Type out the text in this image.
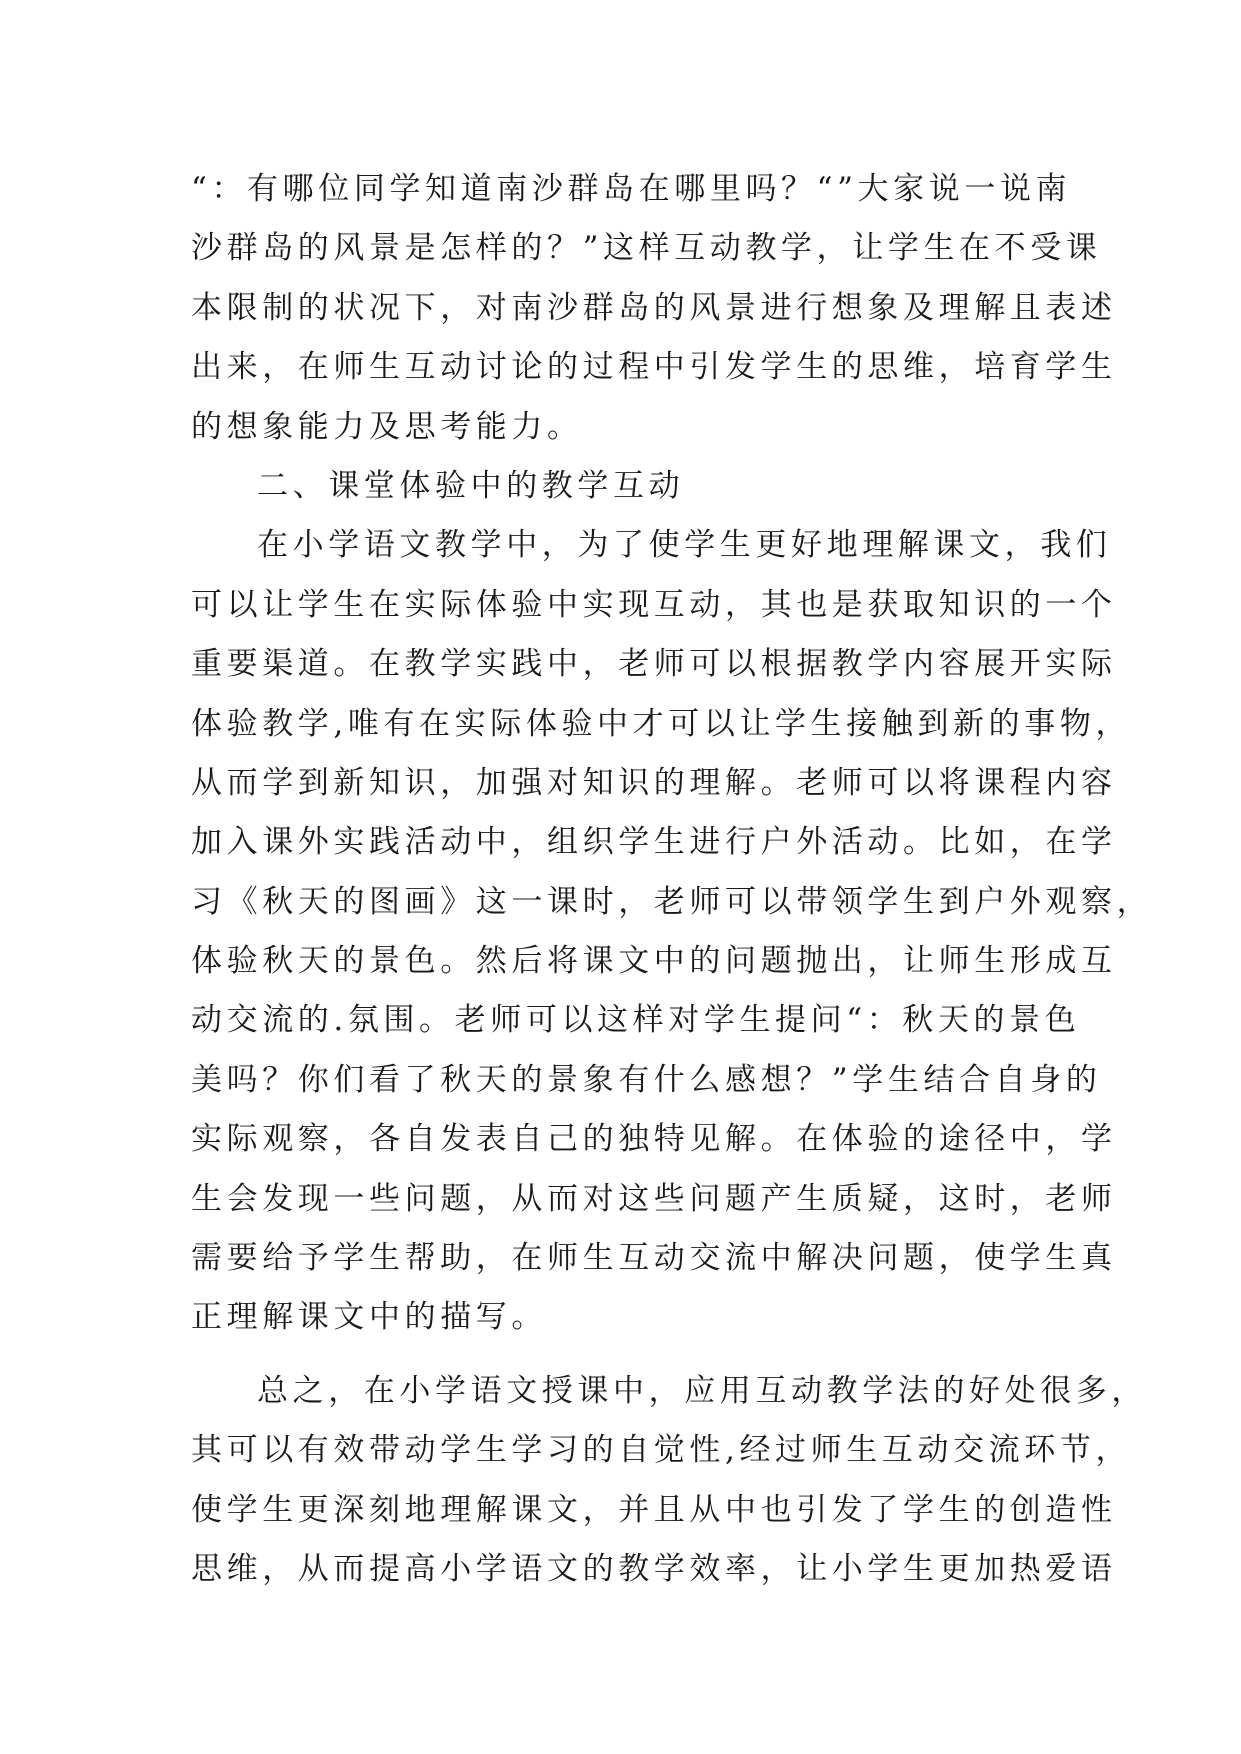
“：有哪位同学知道南沙群岛在哪里吗？“”大家说一说南
沙群岛的风景是怎样的？”这样互动教学，让学生在不受课
本限制的状况下，对南沙群岛的风景进行想象及理解且表述
出来，在师生互动讨论的过程中引发学生的思维，培育学生
的想象能力及思考能力。
二、课堂体验中的教学互动
在小学语文教学中，为了使学生更好地理解课文，我们
可以让学生在实际体验中实现互动，其也是获取知识的一个
重要渠道。在教学实践中，老师可以根据教学内容展开实际
体验教学,唯有在实际体验中才可以让学生接触到新的事物，
从而学到新知识，加强对知识的理解。老师可以将课程内容
加入课外实践活动中，组织学生进行户外活动。比如，在学
习《秋天的图画》这一课时，老师可以带领学生到户外观察，
体验秋天的景色。然后将课文中的问题抛出，让师生形成互
动交流的.氛围。老师可以这样对学生提问“：秋天的景色
美吗？你们看了秋天的景象有什么感想？”学生结合自身的
实际观察，各自发表自己的独特见解。在体验的途径中，学
生会发现一些问题，从而对这些问题产生质疑，这时，老师
需要给予学生帮助，在师生互动交流中解决问题，使学生真
正理解课文中的描写。
总之，在小学语文授课中，应用互动教学法的好处很多，
其可以有效带动学生学习的自觉性,经过师生互动交流环节，
使学生更深刻地理解课文，并且从中也引发了学生的创造性
思维，从而提高小学语文的教学效率，让小学生更加热爱语
